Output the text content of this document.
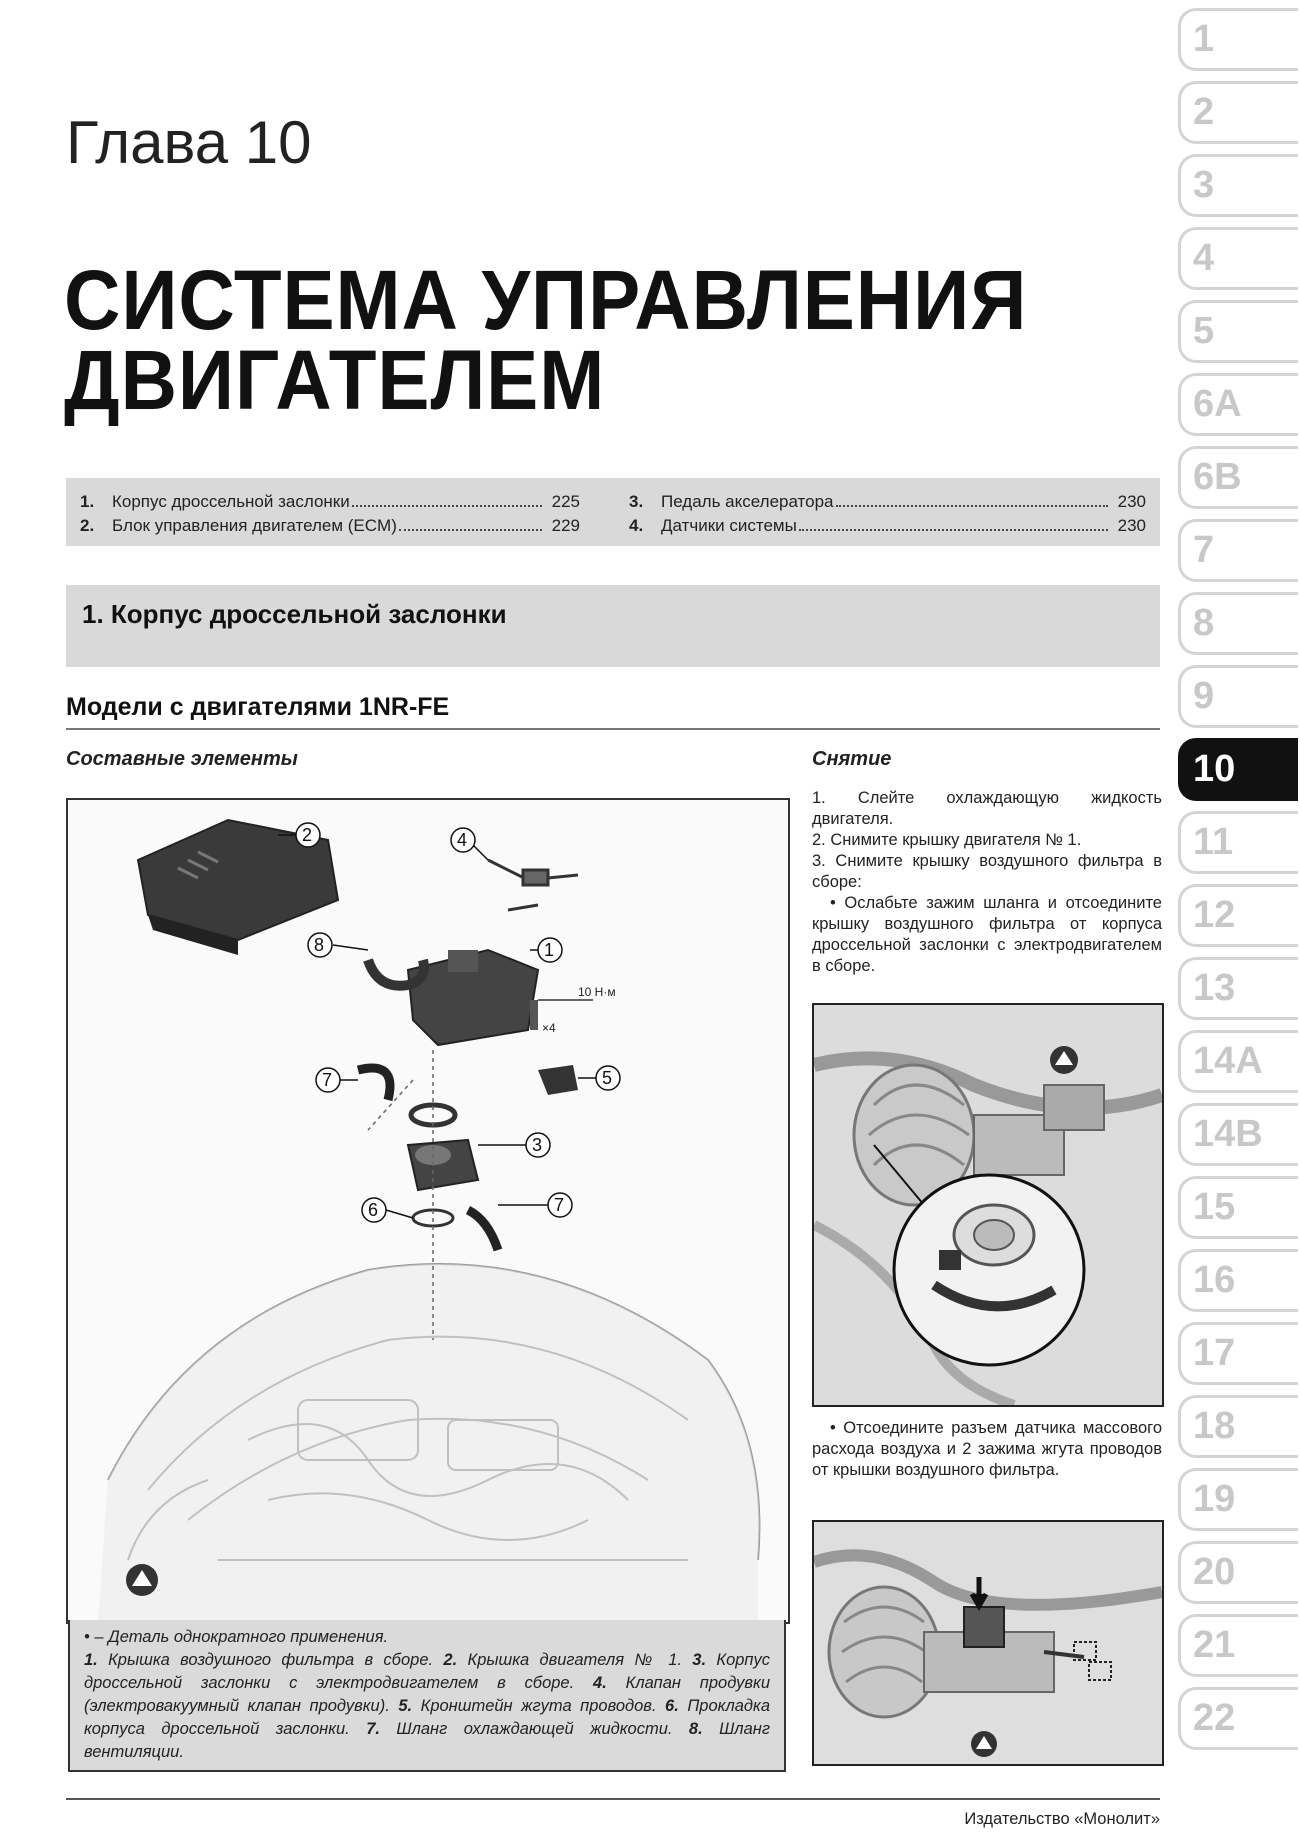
Глава 10
СИСТЕМА УПРАВЛЕНИЯ
ДВИГАТЕЛЕМ
1.	Корпус дроссельной заслонки	225
2.	Блок управления двигателем (ECM)	229
3.	Педаль акселератора	230
4.	Датчики системы	230
1. Корпус дроссельной заслонки
Модели с двигателями 1NR-FE
Составные элементы	Снятие
10 Н·м
×4
2	4
8	1
7	5
3
6	7
• – Деталь однократного применения.
1. Крышка воздушного фильтра в сборе. 2. Крышка двигателя № 1. 3. Корпус дроссельной заслонки с электродвигателем в сборе. 4. Клапан продувки (электровакуумный клапан продувки). 5. Кронштейн жгута проводов. 6. Прокладка корпуса дроссельной заслонки. 7. Шланг охлаждающей жидкости. 8. Шланг вентиляции.

1. Слейте охлаждающую жидкость двигателя.

2. Снимите крышку двигателя № 1.

3. Снимите крышку воздушного фильтра в сборе:

• Ослабьте зажим шланга и отсоедините крышку воздушного фильтра от корпуса дроссельной заслонки с электродвигателем в сборе.

• Отсоедините разъем датчика массового расхода воздуха и 2 зажима жгута проводов от крышки воздушного фильтра.
Издательство «Монолит»
1
2
3
4
5
6A
6B
7
8
9
10
11
12
13
14A
14B
15
16
17
18
19
20
21
22
